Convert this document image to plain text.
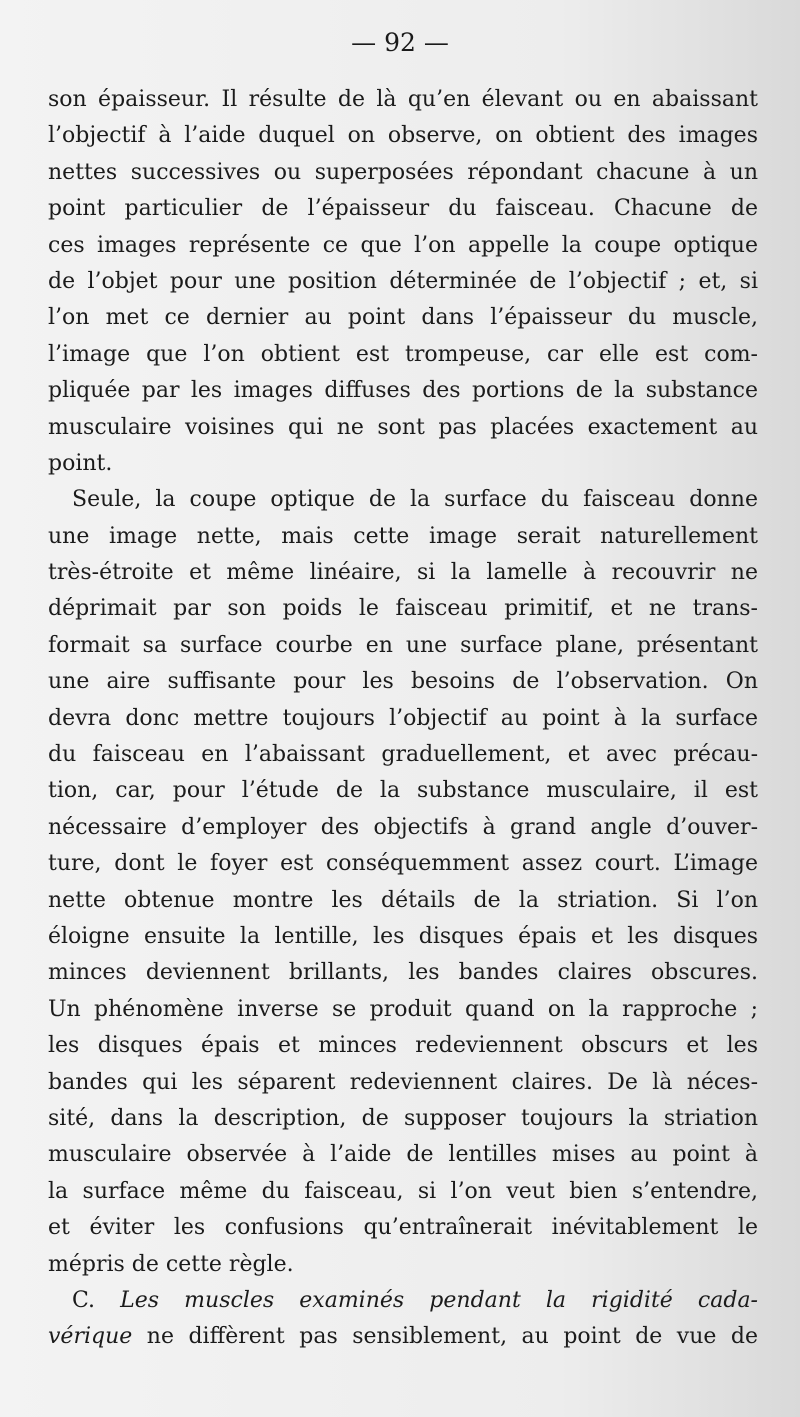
— 92 —
son épaisseur. Il résulte de là qu’en élevant ou en abaissant
l’objectif à l’aide duquel on observe, on obtient des images
nettes successives ou superposées répondant chacune à un
point particulier de l’épaisseur du faisceau. Chacune de
ces images représente ce que l’on appelle la coupe optique
de l’objet pour une position déterminée de l’objectif ; et, si
l’on met ce dernier au point dans l’épaisseur du muscle,
l’image que l’on obtient est trompeuse, car elle est com-
pliquée par les images diffuses des portions de la substance
musculaire voisines qui ne sont pas placées exactement au
point.
Seule, la coupe optique de la surface du faisceau donne
une image nette, mais cette image serait naturellement
très-étroite et même linéaire, si la lamelle à recouvrir ne
déprimait par son poids le faisceau primitif, et ne trans-
formait sa surface courbe en une surface plane, présentant
une aire suffisante pour les besoins de l’observation. On
devra donc mettre toujours l’objectif au point à la surface
du faisceau en l’abaissant graduellement, et avec précau-
tion, car, pour l’étude de la substance musculaire, il est
nécessaire d’employer des objectifs à grand angle d’ouver-
ture, dont le foyer est conséquemment assez court. L’image
nette obtenue montre les détails de la striation. Si l’on
éloigne ensuite la lentille, les disques épais et les disques
minces deviennent brillants, les bandes claires obscures.
Un phénomène inverse se produit quand on la rapproche ;
les disques épais et minces redeviennent obscurs et les
bandes qui les séparent redeviennent claires. De là néces-
sité, dans la description, de supposer toujours la striation
musculaire observée à l’aide de lentilles mises au point à
la surface même du faisceau, si l’on veut bien s’entendre,
et éviter les confusions qu’entraînerait inévitablement le
mépris de cette règle.
C. Les muscles examinés pendant la rigidité cada-
vérique ne diffèrent pas sensiblement, au point de vue de
